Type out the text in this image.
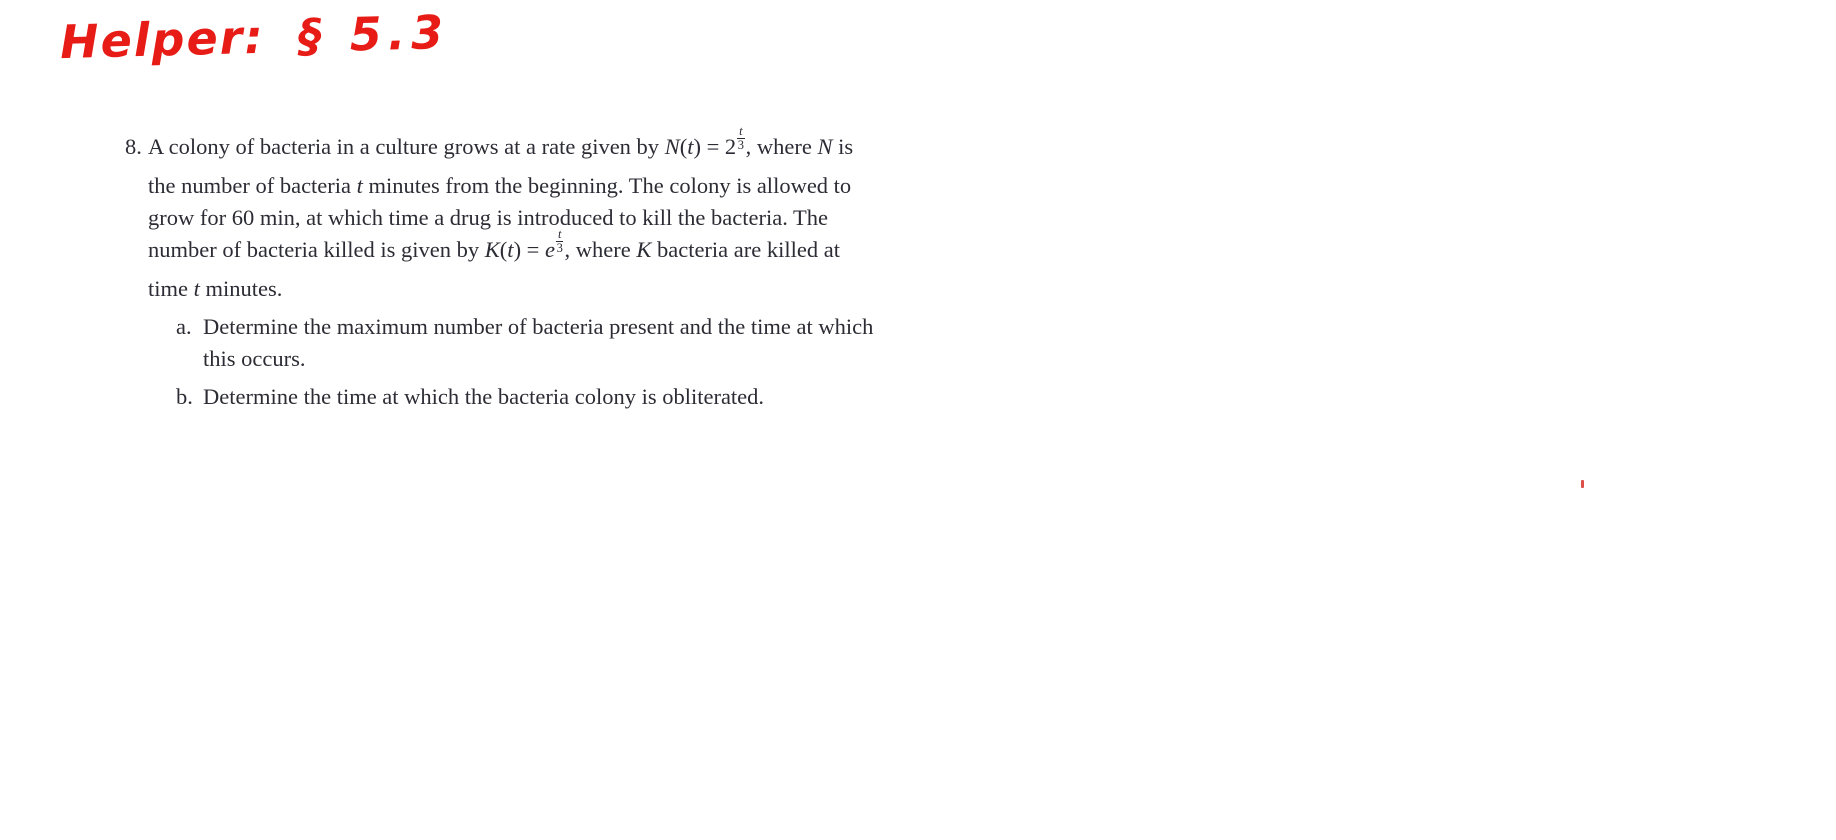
Helper: § 5.3
8. A colony of bacteria in a culture grows at a rate given by $N(t) = 2 \frac{t}{3}$ , where N is
the number of bacteria t minutes from the beginning. The colony is allowed to
grow for 60 min, at which time a drug is introduced to kill the bacteria. The
number of bacteria killed is given by K(t) = e $\frac{t}{3}$ , where K bacteria are killed at
time t minutes.
a. Determine the maximum number of bacteria present and the time at which
this occurs.
b. Determine the time at which the bacteria colony is obliterated.
